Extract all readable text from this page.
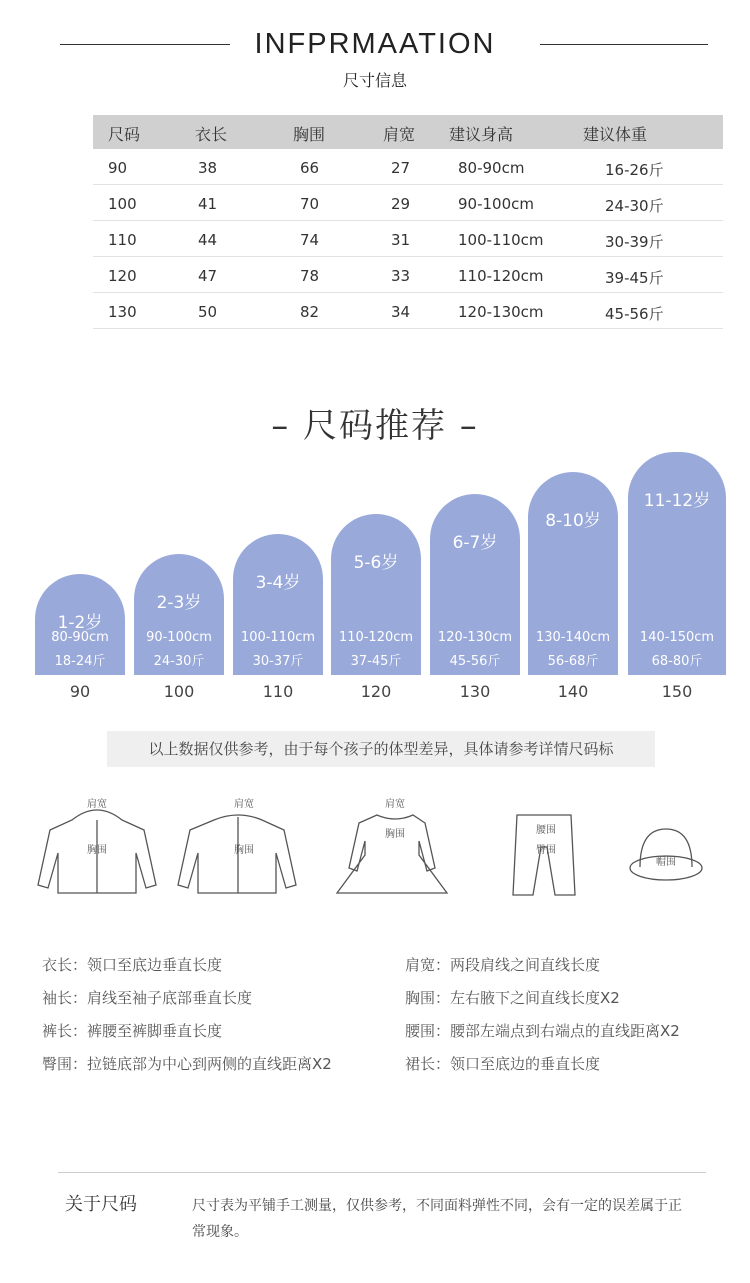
INFPRMAATION
尺寸信息
尺码	衣长	胸围	肩宽 建议身高	建议体重
90	38	66	27	80-90cm	16-26斤
100	41	70	29	90-100cm	24-30斤
110	44	74	31	100-110cm	30-39斤
120	47	78	33	110-120cm	39-45斤
130	50	82	34	120-130cm	45-56斤
– 尺码推荐 –
1-2岁
80-90cm
18-24斤
2-3岁
90-100cm
24-30斤
3-4岁
100-110cm
30-37斤
5-6岁
110-120cm
37-45斤
6-7岁
120-130cm
45-56斤
8-10岁
130-140cm
56-68斤
11-12岁
140-150cm
68-80斤
90	100	110	120	130	140	150
以上数据仅供参考，由于每个孩子的体型差异，具体请参考详情尺码标
肩宽
胸围
肩宽
胸围
肩宽
胸围	腰围
臀围
帽围
衣长：领口至底边垂直长度	肩宽：两段肩线之间直线长度
袖长：肩线至袖子底部垂直长度	胸围：左右腋下之间直线长度X2
裤长：裤腰至裤脚垂直长度	腰围：腰部左端点到右端点的直线距离X2
臀围：拉链底部为中心到两侧的直线距离X2	裙长：领口至底边的垂直长度
关于尺码	尺寸表为平铺手工测量，仅供参考，不同面料弹性不同，会有一定的误差属于正常现象。
